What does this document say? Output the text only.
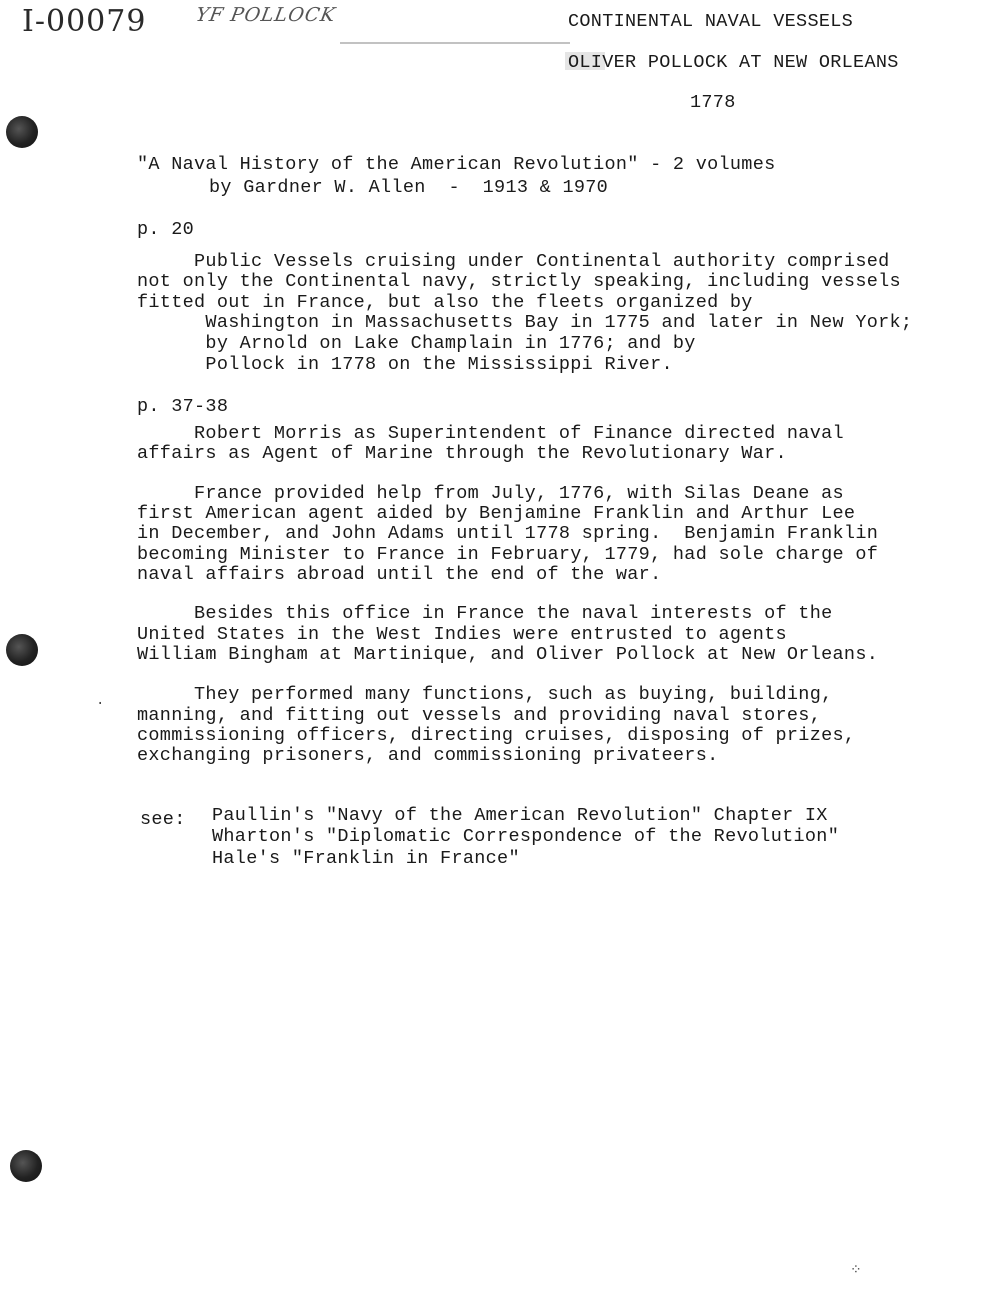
I-00079	YF POLLOCK	CONTINENTAL NAVAL VESSELS
OLIVER POLLOCK AT NEW ORLEANS
1778
"A Naval History of the American Revolution" - 2 volumes
by Gardner W. Allen  -  1913 & 1970
p. 20
Public Vessels cruising under Continental authority comprised
not only the Continental navy, strictly speaking, including vessels
fitted out in France, but also the fleets organized by
Washington in Massachusetts Bay in 1775 and later in New York;
by Arnold on Lake Champlain in 1776; and by
Pollock in 1778 on the Mississippi River.
p. 37-38
Robert Morris as Superintendent of Finance directed naval
affairs as Agent of Marine through the Revolutionary War.
France provided help from July, 1776, with Silas Deane as
first American agent aided by Benjamine Franklin and Arthur Lee
in December, and John Adams until 1778 spring.  Benjamin Franklin
becoming Minister to France in February, 1779, had sole charge of
naval affairs abroad until the end of the war.
Besides this office in France the naval interests of the
United States in the West Indies were entrusted to agents
William Bingham at Martinique, and Oliver Pollock at New Orleans.
They performed many functions, such as buying, building,
manning, and fitting out vessels and providing naval stores,
commissioning officers, directing cruises, disposing of prizes,
exchanging prisoners, and commissioning privateers.
see: Paullin's "Navy of the American Revolution" Chapter IX
Wharton's "Diplomatic Correspondence of the Revolution"
Hale's "Franklin in France"
⁘
·
